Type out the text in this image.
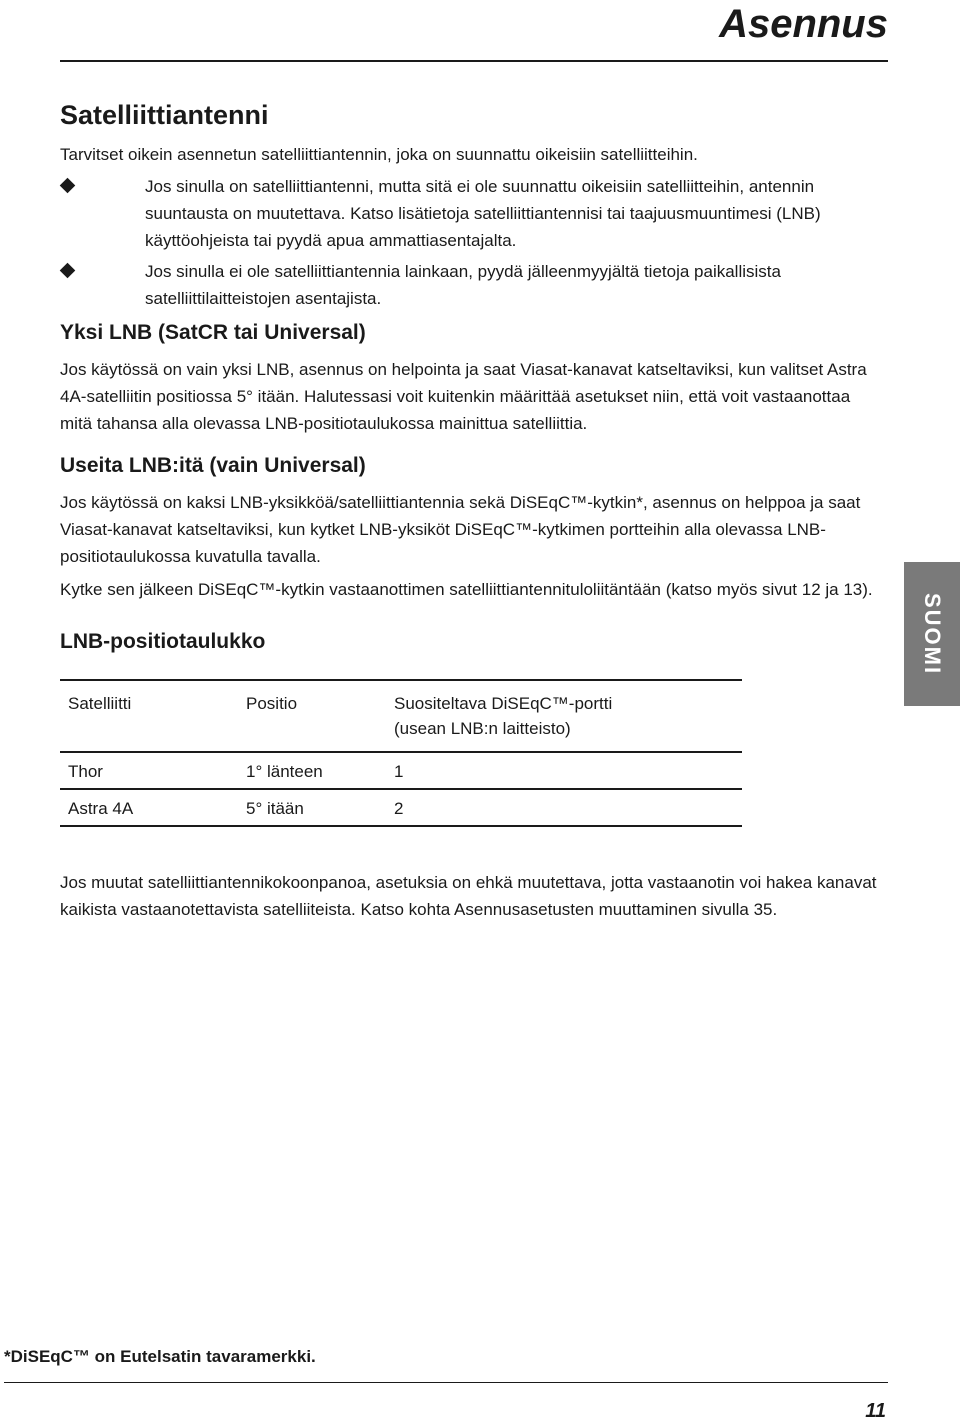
Asennus
Satelliittiantenni

Tarvitset oikein asennetun satelliittiantennin, joka on suunnattu oikeisiin satelliitteihin.

Jos sinulla on satelliittiantenni, mutta sitä ei ole suunnattu oikeisiin satelliitteihin, antennin suuntausta on muutettava. Katso lisätietoja satelliittiantennisi tai taajuusmuuntimesi (LNB) käyttöohjeista tai pyydä apua ammattiasentajalta.
Jos sinulla ei ole satelliittiantennia lainkaan, pyydä jälleenmyyjältä tietoja paikallisista satelliittilaitteistojen asentajista.
Yksi LNB (SatCR tai Universal)

Jos käytössä on vain yksi LNB, asennus on helpointa ja saat Viasat-kanavat katseltaviksi, kun valitset Astra 4A-satelliitin positiossa 5° itään. Halutessasi voit kuitenkin määrittää asetukset niin, että voit vastaanottaa mitä tahansa alla olevassa LNB-positiotaulukossa mainittua satelliittia.

Useita LNB:itä (vain Universal)

Jos käytössä on kaksi LNB-yksikköä/satelliittiantennia sekä DiSEqC™-kytkin*, asennus on helppoa ja saat Viasat-kanavat katseltaviksi, kun kytket LNB-yksiköt DiSEqC™-kytkimen portteihin alla olevassa LNB-positiotaulukossa kuvatulla tavalla.

Kytke sen jälkeen DiSEqC™-kytkin vastaanottimen satelliittiantennituloliitäntään (katso myös sivut 12 ja 13).

LNB-positiotaulukko
Satelliitti	Positio	Suositeltava DiSEqC™-portti
(usean LNB:n laitteisto)

Thor	1° länteen	1
Astra 4A	5° itään	2

Jos muutat satelliittiantennikokoonpanoa, asetuksia on ehkä muutettava, jotta vastaanotin voi hakea kanavat kaikista vastaanotettavista satelliiteista. Katso kohta Asennusasetusten muuttaminen sivulla 35.

SUOMI
*DiSEqC™ on Eutelsatin tavaramerkki.
11
